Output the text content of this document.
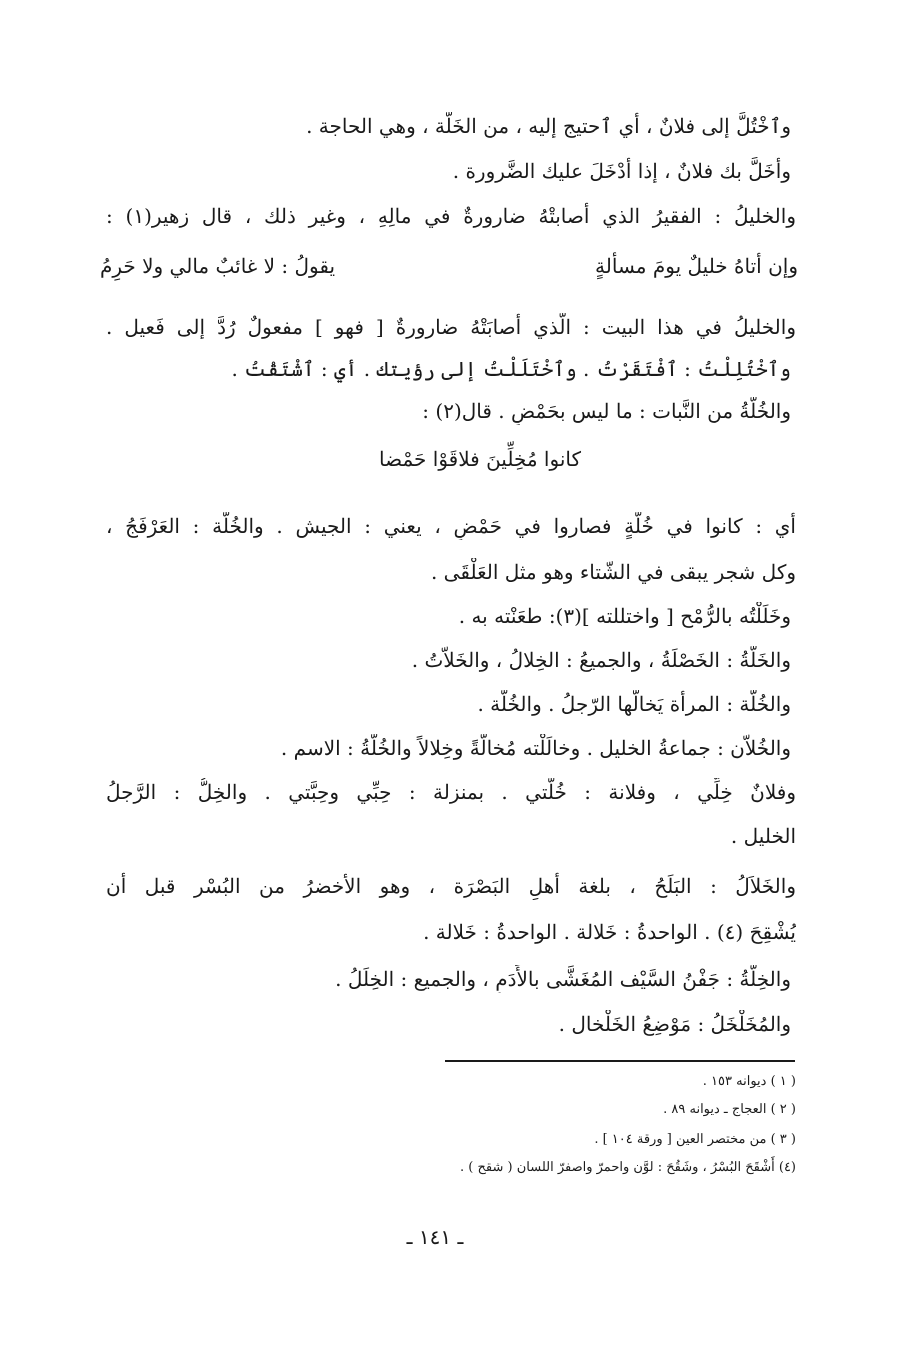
وٱخْتُلَّ إلى فلانٌ ، أي ٱحتيج إليه ، من الخَلَّة ، وهي الحاجة .
وأَخَلَّ بك فلانٌ ، إذا أَدْخَلَ عليك الضَّرورة .
والخليلُ : الفقيرُ الذي أصابتْهُ ضارورةٌ في مالِهِ ، وغير ذلك ، قال زهير(١) :
وإن أتاهُ خليلٌ يومَ مسألةٍ
يقولُ : لا غائبٌ مالي ولا حَرِمُ
والخليلُ في هذا البيت : الّذي أَصابَتْهُ ضارورةٌ [ فهو ] مفعولٌ رُدَّ إلى فَعيل .
وٱخْتُلِلْتُ : ٱفْتَقَرْتُ . وٱخْتَلَلْتُ إلى رؤيتك . أي : ٱشْتَقْتُ .
والخُلَّةُ من النَّبات : ما ليس بحَمْضٍ . قال(٢) :
كانوا مُخِلِّينَ فلاقَوْا حَمْضا
أي : كانوا في خُلَّةٍ فصاروا في حَمْضٍ ، يعني : الجيش . والخُلّة : العَرْفَجُ ،
وكل شجر يبقى في الشّتاء وهو مثل العَلْقَى .
وخَلَلْتُه بالرُّمْح [ واختللته ](٣): طعَنْته به .
والخَلَّةُ : الخَصْلَةُ ، والجميعُ : الخِلالُ ، والخَلاّتُ .
والخُلَّة : المرأة يَخالُّها الرّجلُ . والخُلَّة .
والخُلاّن : جماعةُ الخليل . وخالَلْته مُخالَّةً وخِلالاً والخُلَّةُ : الاسم .
وفلانٌ خِلِّي ، وفلانة : خُلَّتي . بمنزلة : حِبِّي وحِبَّتي . والخِلُّ : الرَّجلُ
الخليل .
والخَلاَلُ : البَلَحُ ، بلغة أهلِ البَصْرَة ، وهو الأخضرُ من البُسْر قبل أن
يُشْقِحَ (٤) . الواحدةُ : خَلالة . الواحدةُ : خَلالة .
والخِلَّةُ : جَفْنُ السَّيْف المُغَشَّى بالأَدَمِ ، والجميع : الخِلَلُ .
والمُخَلْخَلُ : مَوْضِعُ الخَلْخال .
( ١ ) ديوانه ١٥٣ .
( ٢ ) العجاج ـ ديوانه ٨٩ .
( ٣ ) من مختصر العين [ ورقة ١٠٤ ] .
(٤) أَشْقَحَ البُسْرُ ، وشَقُحَ : لوَّن واحمرّ واصفرّ اللسان ( شقح ) .
ـ ١٤١ ـ
